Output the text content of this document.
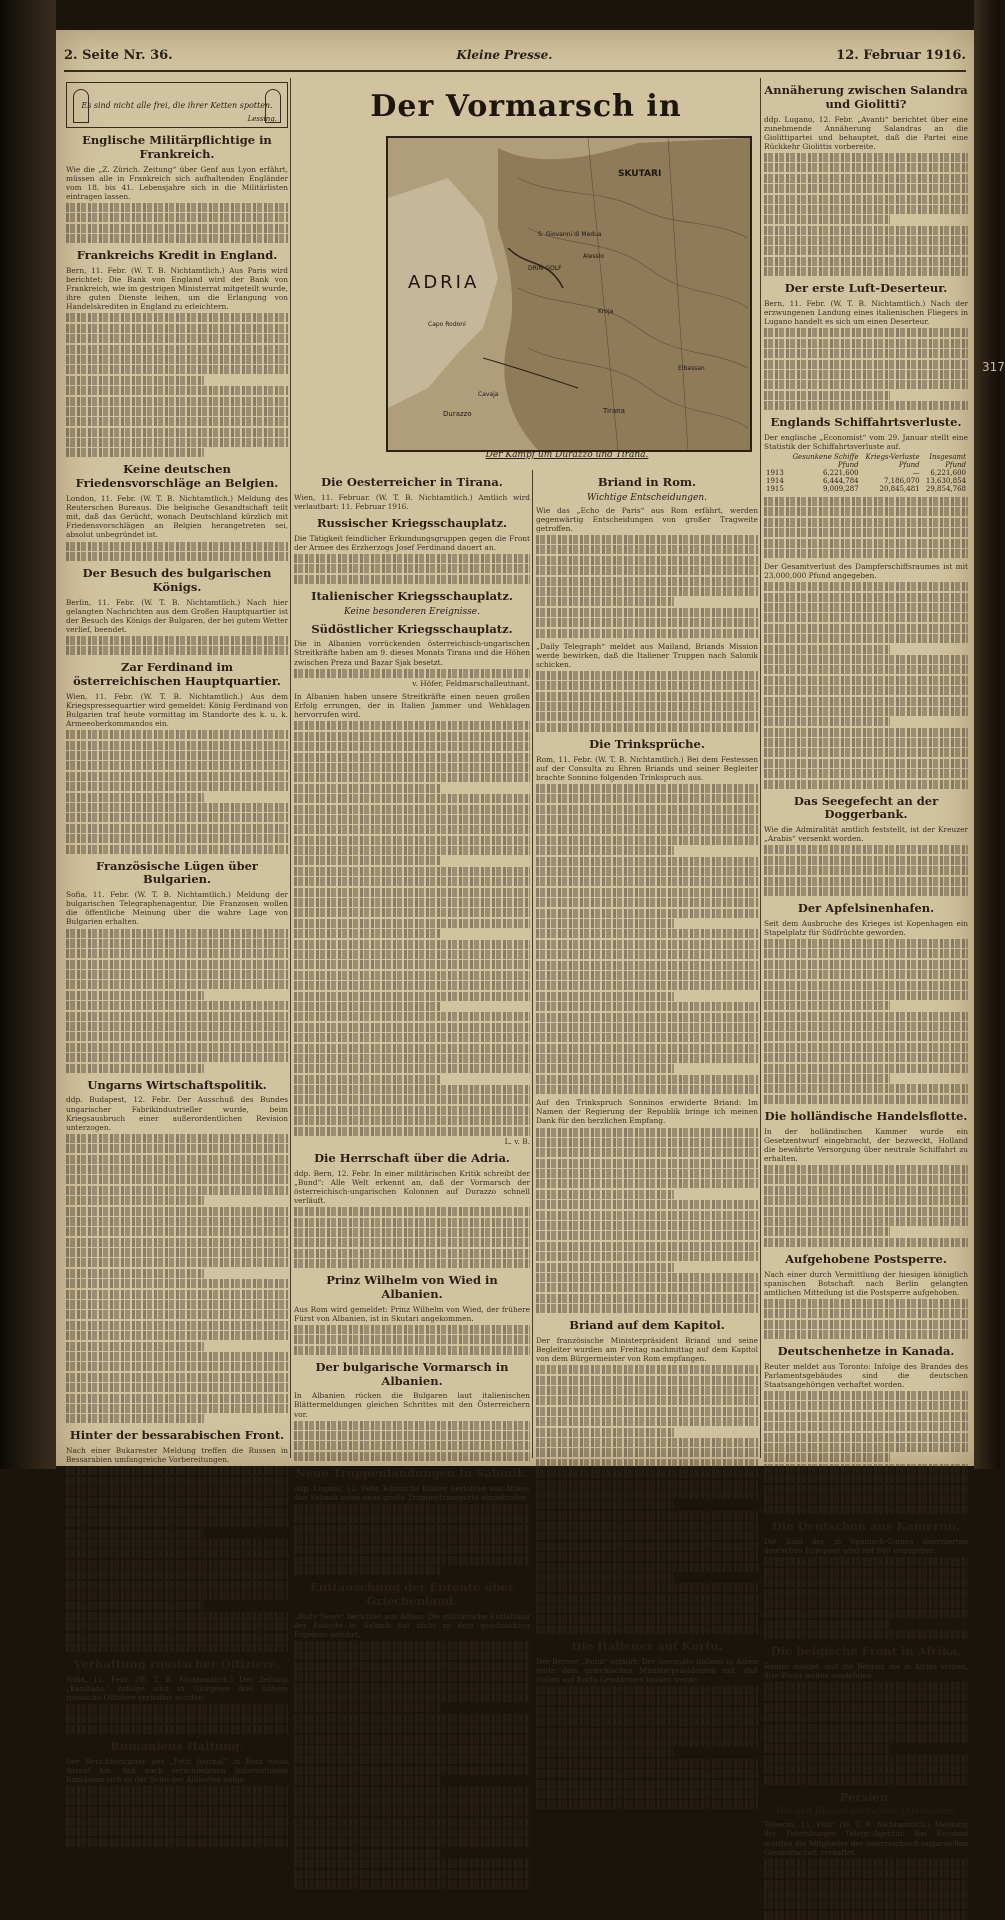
317
2. Seite Nr. 36.	Kleine Presse.	12. Februar 1916.
Es sind nicht alle frei, die ihrer Ketten spotten.
Lessing.
Englische Militärpflichtige in Frankreich.

Wie die „Z. Zürich. Zeitung“ über Genf aus Lyon erfährt, müssen alle in Frankreich sich aufhaltenden Engländer vom 18. bis 41. Lebensjahre sich in die Militärlisten eintragen lassen.

Frankreichs Kredit in England.

Bern, 11. Febr. (W. T. B. Nichtamtlich.) Aus Paris wird berichtet: Die Bank von England wird der Bank von Frankreich, wie im gestrigen Ministerrat mitgeteilt wurde, ihre guten Dienste leihen, um die Erlangung von Handelskrediten in England zu erleichtern.

Keine deutschen Friedensvorschläge an Belgien.

London, 11. Febr. (W. T. B. Nichtamtlich.) Meldung des Reuterschen Bureaus. Die belgische Gesandtschaft teilt mit, daß das Gerücht, wonach Deutschland kürzlich mit Friedensvorschlägen an Belgien herangetreten sei, absolut unbegründet ist.

Der Besuch des bulgarischen Königs.

Berlin, 11. Febr. (W. T. B. Nichtamtlich.) Nach hier gelangten Nachrichten aus dem Großen Hauptquartier ist der Besuch des Königs der Bulgaren, der bei gutem Wetter verlief, beendet.

Zar Ferdinand im österreichischen Hauptquartier.

Wien, 11. Febr. (W. T. B. Nichtamtlich.) Aus dem Kriegspressequartier wird gemeldet: König Ferdinand von Bulgarien traf heute vormittag im Standorte des k. u. k. Armeeoberkommandos ein.

Französische Lügen über Bulgarien.

Sofia, 11. Febr. (W. T. B. Nichtamtlich.) Meldung der bulgarischen Telegraphenagentur. Die Franzosen wollen die öffentliche Meinung über die wahre Lage von Bulgarien erhalten.

Ungarns Wirtschaftspolitik.

ddp. Budapest, 12. Febr. Der Ausschuß des Bundes ungarischer Fabrikindustrieller wurde, beim Kriegsausbruch einer außerordentlichen Revision unterzogen.

Hinter der bessarabischen Front.

Nach einer Bukarester Meldung treffen die Russen in Bessarabien umfangreiche Vorbereitungen.

Verhaftung russischer Offiziere.

Sofia, 11. Febr. (W. T. B. Nichtamtlich.) Der Zeitung „Kambana“ zufolge sind in Giurgewo drei höhere russische Offiziere verhaftet worden.

Rumäniens Haltung.

Der Berichterstatter des „Petit Journal“ in Rom weist darauf hin, daß nach verschiedenen Informationen Rumänien sich zu der Seite der Alliierten neige.

Der Vormarsch in
SKUTARI
ADRIA
S. Giovanni di Medua
DRIN-GOLF
Alessio
Kroja
Capo Rodoni
Durazzo	Tirana
Elbassan
Cavaja
Der Kampf um Durazzo und Tirana.
Die Oesterreicher in Tirana.

Wien, 11. Februar. (W. T. B. Nichtamtlich.) Amtlich wird verlautbart: 11. Februar 1916.

Russischer Kriegsschauplatz.

Die Tätigkeit feindlicher Erkundungsgruppen gegen die Front der Armee des Erzherzogs Josef Ferdinand dauert an.

Italienischer Kriegsschauplatz.
Keine besonderen Ereignisse.
Südöstlicher Kriegsschauplatz.

Die in Albanien vorrückenden österreichisch-ungarischen Streitkräfte haben am 9. dieses Monats Tirana und die Höhen zwischen Preza und Bazar Sjak besetzt.

v. Höfer, Feldmarschalleutnant.

In Albanien haben unsere Streitkräfte einen neuen großen Erfolg errungen, der in Italien Jammer und Wehklagen hervorrufen wird.

L. v. B.

Die Herrschaft über die Adria.

ddp. Bern, 12. Febr. In einer militärischen Kritik schreibt der „Bund“: Alle Welt erkennt an, daß der Vormarsch der österreichisch-ungarischen Kolonnen auf Durazzo schnell verläuft.

Prinz Wilhelm von Wied in Albanien.

Aus Rom wird gemeldet: Prinz Wilhelm von Wied, der frühere Fürst von Albanien, ist in Skutari angekommen.

Der bulgarische Vormarsch in Albanien.

In Albanien rücken die Bulgaren laut italienischen Blättermeldungen gleichen Schrittes mit den Österreichern vor.

Neue Truppenlandungen in Salonik.

ddp. Lugano, 12. Febr. Römische Blätter berichten aus Athen: Aus Salonik seien neue große Truppentransporte eingetroffen.

Enttäuschung der Entente über Griechenland.

„Daily News“ berichtet aus Athen: Die militärische Entfaltung der Entente in Salonik hat nicht zu dem gewünschten Ergebnis geführt.

Briand in Rom.
Wichtige Entscheidungen.

Wie das „Echo de Paris“ aus Rom erfährt, werden gegenwärtig Entscheidungen von großer Tragweite getroffen.

„Daily Telegraph“ meldet aus Mailand, Briands Mission werde bewirken, daß die Italiener Truppen nach Salonik schicken.

Die Trinksprüche.

Rom, 11. Febr. (W. T. B. Nichtamtlich.) Bei dem Festessen auf der Consulta zu Ehren Briands und seiner Begleiter brachte Sonnino folgenden Trinkspruch aus.

Auf den Trinkspruch Sonninos erwiderte Briand: Im Namen der Regierung der Republik bringe ich meinen Dank für den herzlichen Empfang.

Briand auf dem Kapitol.

Der französische Ministerpräsident Briand und seine Begleiter wurden am Freitag nachmittag auf dem Kapitol von dem Bürgermeister von Rom empfangen.

Die Italiener auf Korfu.

Der Berner „Bund“ erfährt: Der Gesandte Italiens in Athen teilte dem griechischen Ministerpräsidenten mit, daß Italien auf Korfu Gendarmen landen werde.

Annäherung zwischen Salandra und Giolitti?

ddp. Lugano, 12. Febr. „Avanti“ berichtet über eine zunehmende Annäherung Salandras an die Giolittipartei und behauptet, daß die Partei eine Rückkehr Giolittis vorbereite.

Der erste Luft-Deserteur.

Bern, 11. Febr. (W. T. B. Nichtamtlich.) Nach der erzwungenen Landung eines italienischen Fliegers in Lugano handelt es sich um einen Deserteur.

Englands Schiffahrtsverluste.

Der englische „Economist“ vom 29. Januar stellt eine Statistik der Schiffahrtsverluste auf.

	Gesunkene Schiffe	Kriegs-Verluste	Insgesamt
	Pfund	Pfund	Pfund
1913	6,221,600	—	6,221,600
1914	6,444,784	7,186,070	13,630,854
1915	9,009,287	20,845,481	29,854,768

Der Gesamtverlust des Dampferschiffsraumes ist mit 23,000,000 Pfund angegeben.

Das Seegefecht an der Doggerbank.

Wie die Admiralität amtlich feststellt, ist der Kreuzer „Arabis“ versenkt worden.

Der Apfelsinenhafen.

Seit dem Ausbruche des Krieges ist Kopenhagen ein Stapelplatz für Südfrüchte geworden.

Die holländische Handelsflotte.

In der holländischen Kammer wurde ein Gesetzentwurf eingebracht, der bezweckt, Holland die bewährte Versorgung über neutrale Schiffahrt zu erhalten.

Aufgehobene Postsperre.

Nach einer durch Vermittlung der hiesigen königlich spanischen Botschaft nach Berlin gelangten amtlichen Mitteilung ist die Postsperre aufgehoben.

Deutschenhetze in Kanada.

Reuter meldet aus Toronto: Infolge des Brandes des Parlamentsgebäudes sind die deutschen Staatsangehörigen verhaftet worden.

Die Deutschen aus Kamerun.

Die Zahl der in Spanisch-Guinea internierten deutschen Europäer wird mit 900 angegeben.

Die belgische Front in Afrika.

Reuter meldet, daß die Belgier, die in Afrika stehen, ihre Front weiter ausdehnen.

Persien.
Von den Russen verhaftete Diplomaten.

Teheran, 11. Febr. (W. T. B. Nichtamtlich.) Meldung der Petersburger Telegr.-Agentur. Bei Kerabad wurden die Mitglieder der österreichisch-ungarischen Gesandtschaft verhaftet.
